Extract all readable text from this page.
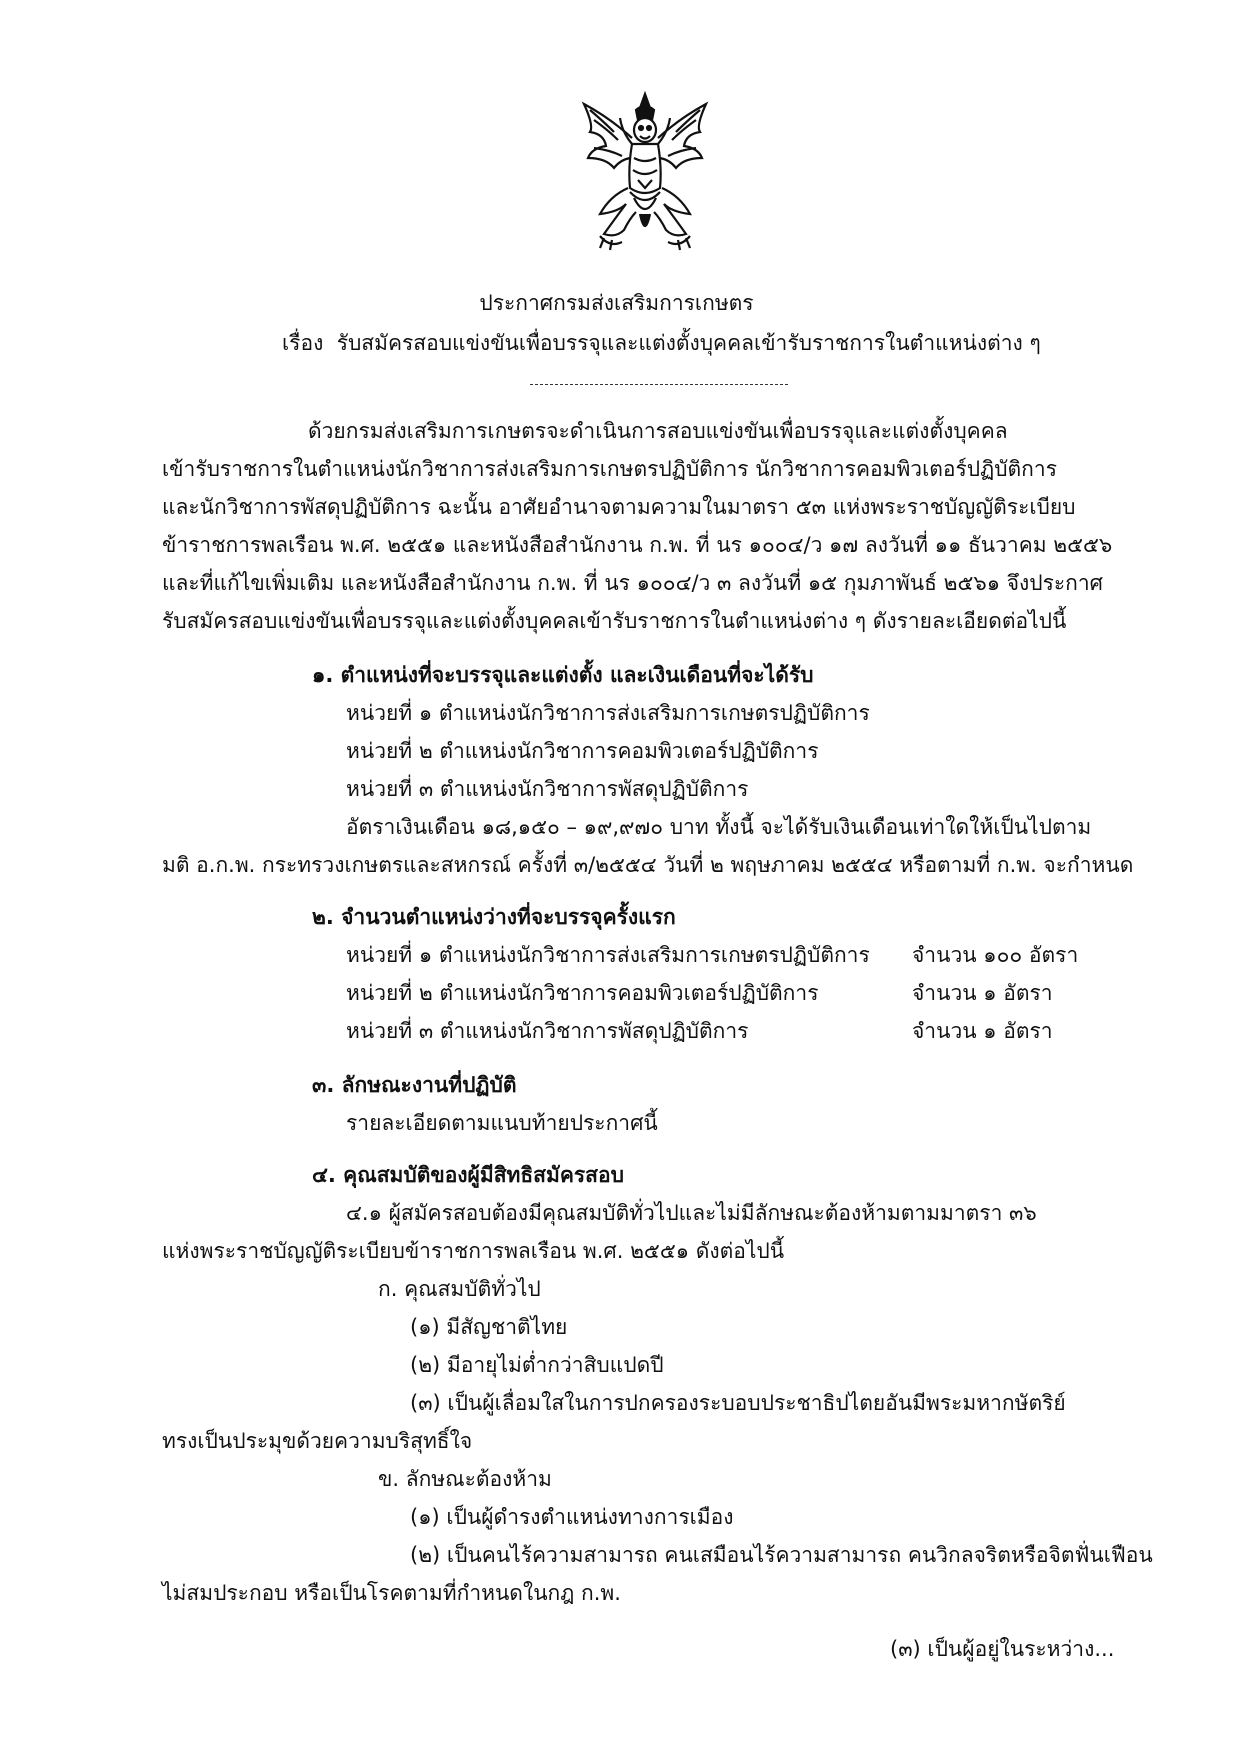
ประกาศกรมส่งเสริมการเกษตร
เรื่อง รับสมัครสอบแข่งขันเพื่อบรรจุและแต่งตั้งบุคคลเข้ารับราชการในตำแหน่งต่าง ๆ
ด้วยกรมส่งเสริมการเกษตรจะดำเนินการสอบแข่งขันเพื่อบรรจุและแต่งตั้งบุคคล
เข้ารับราชการในตำแหน่งนักวิชาการส่งเสริมการเกษตรปฏิบัติการ นักวิชาการคอมพิวเตอร์ปฏิบัติการ
และนักวิชาการพัสดุปฏิบัติการ ฉะนั้น อาศัยอำนาจตามความในมาตรา ๕๓ แห่งพระราชบัญญัติระเบียบ
ข้าราชการพลเรือน พ.ศ. ๒๕๕๑ และหนังสือสำนักงาน ก.พ. ที่ นร ๑๐๐๔/ว ๑๗ ลงวันที่ ๑๑ ธันวาคม ๒๕๕๖
และที่แก้ไขเพิ่มเติม และหนังสือสำนักงาน ก.พ. ที่ นร ๑๐๐๔/ว ๓ ลงวันที่ ๑๕ กุมภาพันธ์ ๒๕๖๑ จึงประกาศ
รับสมัครสอบแข่งขันเพื่อบรรจุและแต่งตั้งบุคคลเข้ารับราชการในตำแหน่งต่าง ๆ ดังรายละเอียดต่อไปนี้
๑. ตำแหน่งที่จะบรรจุและแต่งตั้ง และเงินเดือนที่จะได้รับ
หน่วยที่ ๑ ตำแหน่งนักวิชาการส่งเสริมการเกษตรปฏิบัติการ
หน่วยที่ ๒ ตำแหน่งนักวิชาการคอมพิวเตอร์ปฏิบัติการ
หน่วยที่ ๓ ตำแหน่งนักวิชาการพัสดุปฏิบัติการ
อัตราเงินเดือน ๑๘,๑๕๐ – ๑๙,๙๗๐ บาท ทั้งนี้ จะได้รับเงินเดือนเท่าใดให้เป็นไปตาม
มติ อ.ก.พ. กระทรวงเกษตรและสหกรณ์ ครั้งที่ ๓/๒๕๕๔ วันที่ ๒ พฤษภาคม ๒๕๕๔ หรือตามที่ ก.พ. จะกำหนด
๒. จำนวนตำแหน่งว่างที่จะบรรจุครั้งแรก
หน่วยที่ ๑ ตำแหน่งนักวิชาการส่งเสริมการเกษตรปฏิบัติการ จำนวน ๑๐๐ อัตรา
หน่วยที่ ๒ ตำแหน่งนักวิชาการคอมพิวเตอร์ปฏิบัติการ	จำนวน ๑ อัตรา
หน่วยที่ ๓ ตำแหน่งนักวิชาการพัสดุปฏิบัติการ	จำนวน ๑ อัตรา
๓. ลักษณะงานที่ปฏิบัติ
รายละเอียดตามแนบท้ายประกาศนี้
๔. คุณสมบัติของผู้มีสิทธิสมัครสอบ
๔.๑ ผู้สมัครสอบต้องมีคุณสมบัติทั่วไปและไม่มีลักษณะต้องห้ามตามมาตรา ๓๖
แห่งพระราชบัญญัติระเบียบข้าราชการพลเรือน พ.ศ. ๒๕๕๑ ดังต่อไปนี้
ก. คุณสมบัติทั่วไป
(๑) มีสัญชาติไทย
(๒) มีอายุไม่ต่ำกว่าสิบแปดปี
(๓) เป็นผู้เลื่อมใสในการปกครองระบอบประชาธิปไตยอันมีพระมหากษัตริย์
ทรงเป็นประมุขด้วยความบริสุทธิ์ใจ
ข. ลักษณะต้องห้าม
(๑) เป็นผู้ดำรงตำแหน่งทางการเมือง
(๒) เป็นคนไร้ความสามารถ คนเสมือนไร้ความสามารถ คนวิกลจริตหรือจิตฟั่นเฟือน
ไม่สมประกอบ หรือเป็นโรคตามที่กำหนดในกฎ ก.พ.
(๓) เป็นผู้อยู่ในระหว่าง...
